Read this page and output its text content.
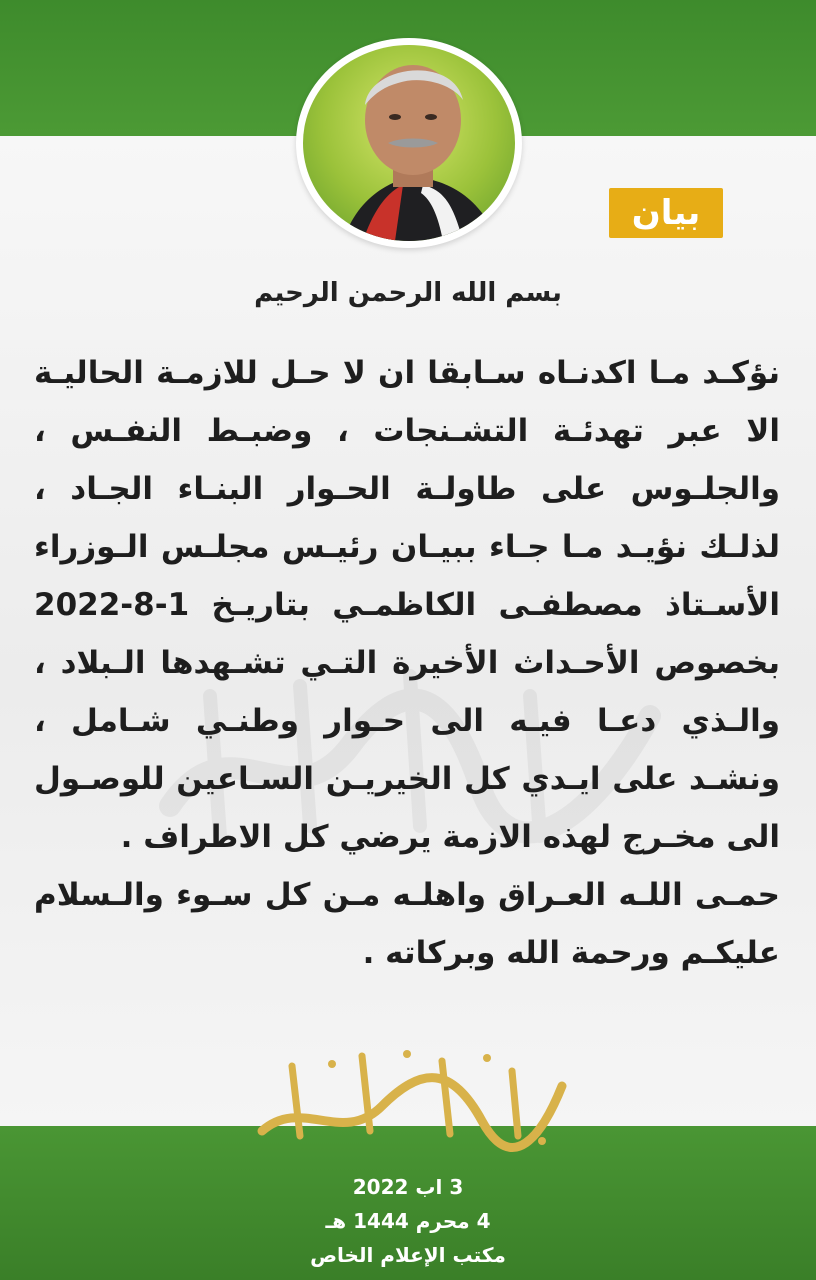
بيان
بسم الله الرحمن الرحيم

نؤكـد مـا اكدنـاه سـابقا ان لا حـل للازمـة الحاليـة الا عبر تهدئـة التشـنجات ، وضبـط النفـس ، والجلـوس على طاولـة الحـوار البنـاء الجـاد ، لذلـك نؤيـد مـا جـاء ببيـان رئيـس مجلـس الـوزراء الأسـتاذ مصطفـى الكاظمـي بتاريـخ 1-8-2022 بخصوص الأحـداث الأخيرة التـي تشـهدها الـبلاد ، والـذي دعـا فيـه الى حـوار وطنـي شـامل ، ونشـد على ايـدي كل الخيريـن السـاعين للوصـول الى مخـرج لهذه الازمة يرضي كل الاطراف .

حمـى اللـه العـراق واهلـه مـن كل سـوء والـسلام عليكـم ورحمة الله وبركاته .

3 اب 2022
4 محرم 1444 هـ
مكتب الإعلام الخاص
